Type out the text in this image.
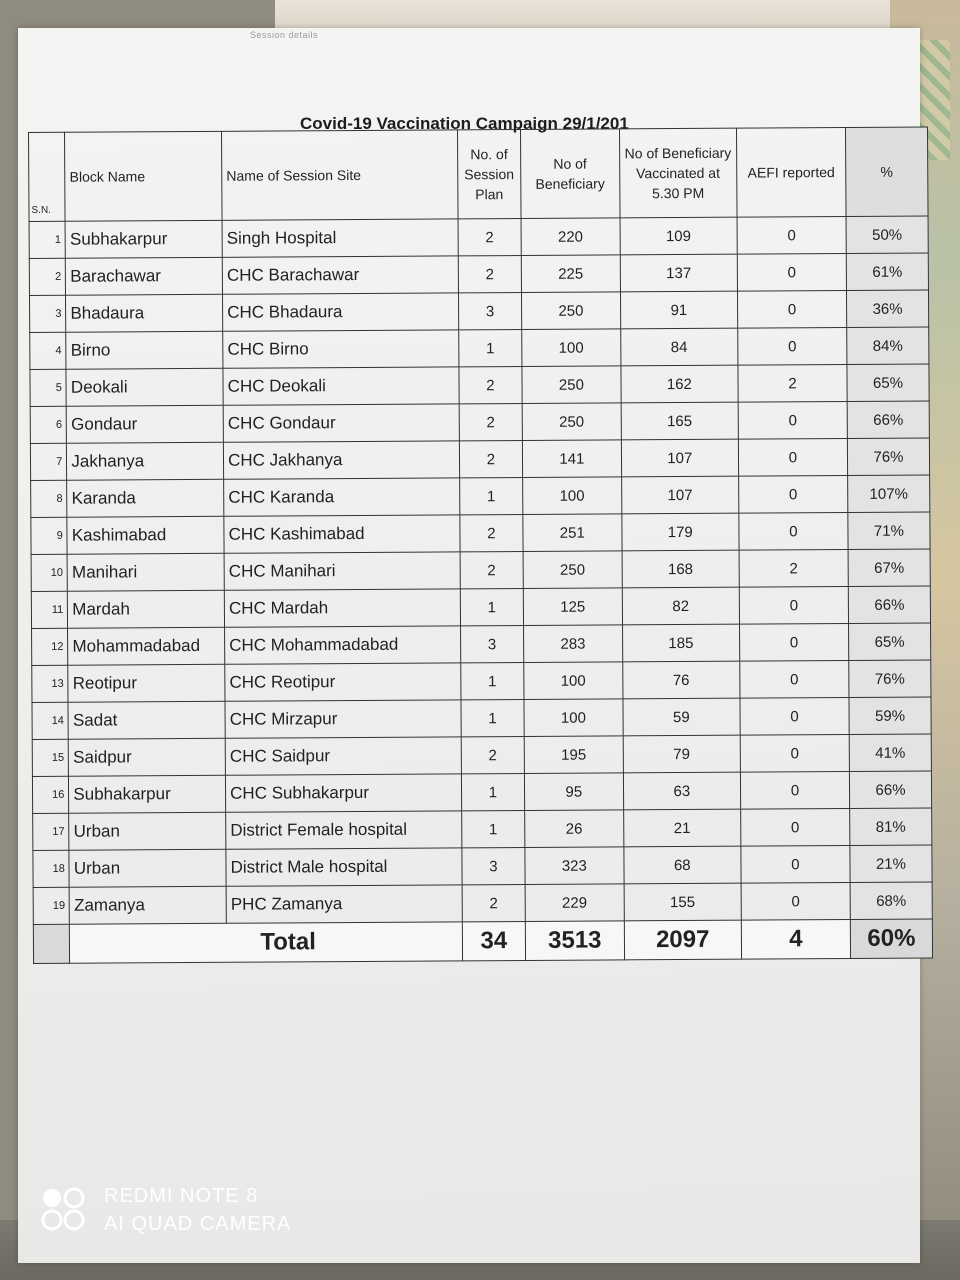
Session details
Covid-19 Vaccination Campaign 29/1/201
S.N.	Block Name	Name of Session Site	No. of Session Plan	No of Beneficiary	No of Beneficiary Vaccinated at 5.30 PM	AEFI reported	%
1	Subhakarpur	Singh Hospital	2	220	109	0	50%
2	Barachawar	CHC Barachawar	2	225	137	0	61%
3	Bhadaura	CHC Bhadaura	3	250	91	0	36%
4	Birno	CHC Birno	1	100	84	0	84%
5	Deokali	CHC Deokali	2	250	162	2	65%
6	Gondaur	CHC Gondaur	2	250	165	0	66%
7	Jakhanya	CHC Jakhanya	2	141	107	0	76%
8	Karanda	CHC Karanda	1	100	107	0	107%
9	Kashimabad	CHC Kashimabad	2	251	179	0	71%
10	Manihari	CHC Manihari	2	250	168	2	67%
11	Mardah	CHC Mardah	1	125	82	0	66%
12	Mohammadabad	CHC Mohammadabad	3	283	185	0	65%
13	Reotipur	CHC Reotipur	1	100	76	0	76%
14	Sadat	CHC Mirzapur	1	100	59	0	59%
15	Saidpur	CHC Saidpur	2	195	79	0	41%
16	Subhakarpur	CHC Subhakarpur	1	95	63	0	66%
17	Urban	District Female hospital	1	26	21	0	81%
18	Urban	District Male hospital	3	323	68	0	21%
19	Zamanya	PHC Zamanya	2	229	155	0	68%
	Total		34	3513	2097	4	60%
REDMI NOTE 8
AI QUAD CAMERA
